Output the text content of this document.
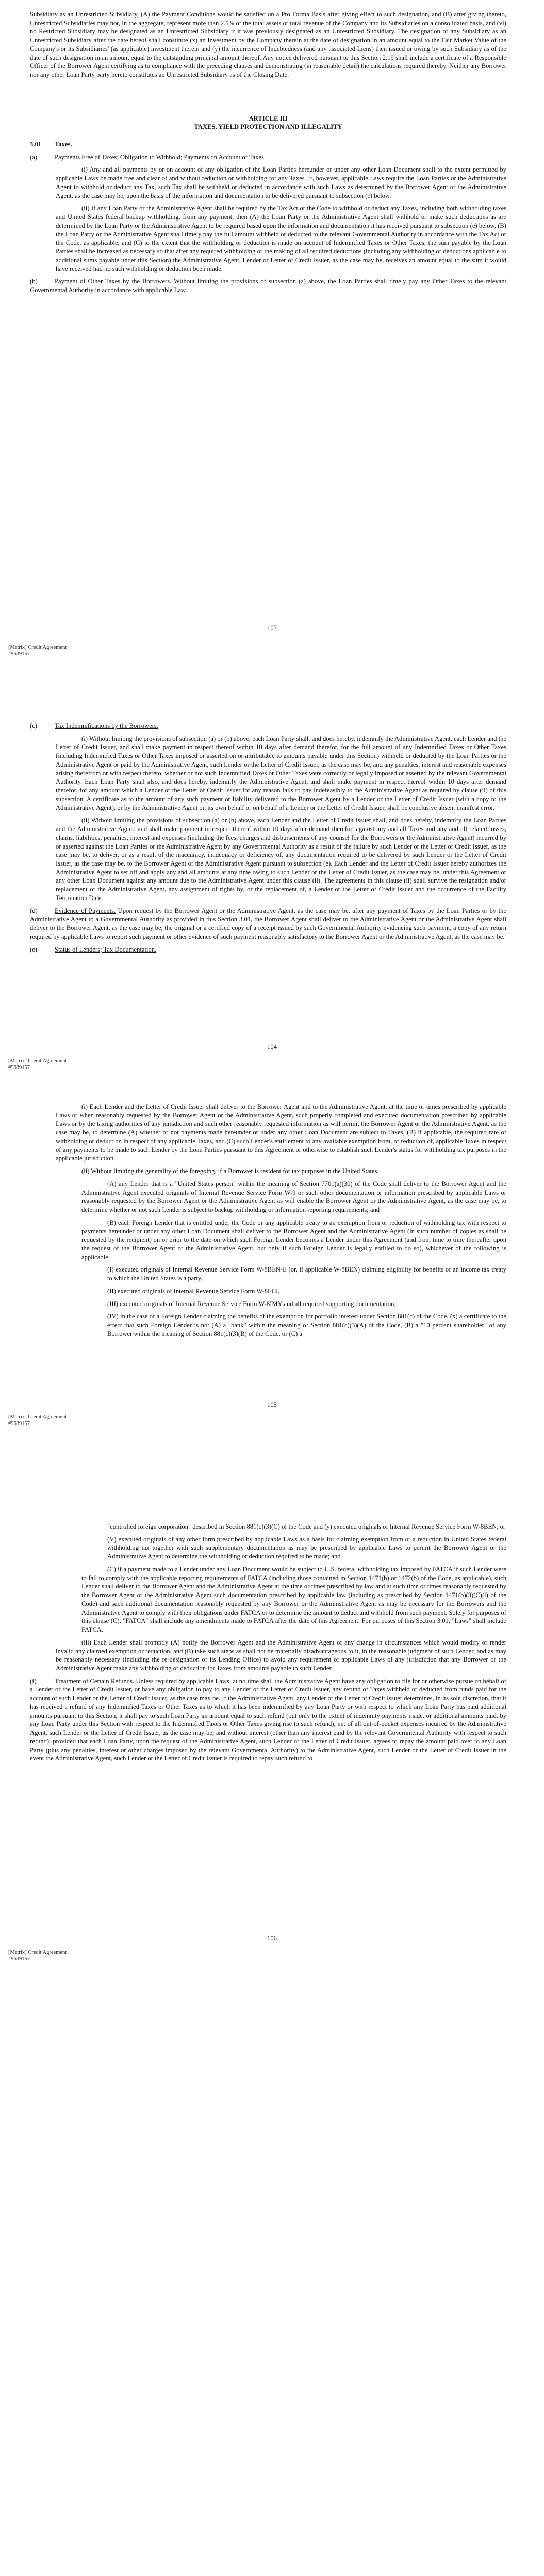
Subsidiary as an Unrestricted Subsidiary, (A) the Payment Conditions would be satisfied on a Pro Forma Basis after giving effect to such designation, and (B) after giving thereto, Unrestricted Subsidiaries may not, in the aggregate, represent more than 2.5% of the total assets or total revenue of the Company and its Subsidiaries on a consolidated basis, and (vi) no Restricted Subsidiary may be designated as an Unrestricted Subsidiary if it was previously designated as an Unrestricted Subsidiary. The designation of any Subsidiary as an Unrestricted Subsidiary after the date hereof shall constitute (x) an Investment by the Company therein at the date of designation in an amount equal to the Fair Market Value of the Company's or its Subsidiaries' (as applicable) investment therein and (y) the incurrence of Indebtedness (and any associated Liens) then issued or owing by such Subsidiary as of the date of such designation in an amount equal to the outstanding principal amount thereof. Any notice delivered pursuant to this Section 2.19 shall include a certificate of a Responsible Officer of the Borrower Agent certifying as to compliance with the preceding clauses and demonstrating (in reasonable detail) the calculations required thereby. Neither any Borrower nor any other Loan Party party hereto constitutes an Unrestricted Subsidiary as of the Closing Date.

ARTICLE III
TAXES, YIELD PROTECTION AND ILLEGALITY

3.01 Taxes.

(a)	Payments Free of Taxes; Obligation to Withhold; Payments on Account of Taxes.

(i) Any and all payments by or on account of any obligation of the Loan Parties hereunder or under any other Loan Document shall to the extent permitted by applicable Laws be made free and clear of and without reduction or withholding for any Taxes. If, however, applicable Laws require the Loan Parties or the Administrative Agent to withhold or deduct any Tax, such Tax shall be withheld or deducted in accordance with such Laws as determined by the Borrower Agent or the Administrative Agent, as the case may be, upon the basis of the information and documentation to be delivered pursuant to subsection (e) below.

(ii) If any Loan Party or the Administrative Agent shall be required by the Tax Act or the Code to withhold or deduct any Taxes, including both withholding taxes and United States federal backup withholding, from any payment, then (A) the Loan Party or the Administrative Agent shall withhold or make such deductions as are determined by the Loan Party or the Administrative Agent to be required based upon the information and documentation it has received pursuant to subsection (e) below, (B) the Loan Party or the Administrative Agent shall timely pay the full amount withheld or deducted to the relevant Governmental Authority in accordance with the Tax Act or the Code, as applicable, and (C) to the extent that the withholding or deduction is made on account of Indemnified Taxes or Other Taxes, the sum payable by the Loan Parties shall be increased as necessary so that after any required withholding or the making of all required deductions (including any withholding or deductions applicable to additional sums payable under this Section) the Administrative Agent, Lender or Letter of Credit Issuer, as the case may be, receives an amount equal to the sum it would have received had no such withholding or deduction been made.

(b)	Payment of Other Taxes by the Borrowers. Without limiting the provisions of subsection (a) above, the Loan Parties shall timely pay any Other Taxes to the relevant Governmental Authority in accordance with applicable Law.

103
[Matrix] Credit Agreement
#9639157

(c)	Tax Indemnifications by the Borrowers.

(i) Without limiting the provisions of subsection (a) or (b) above, each Loan Party shall, and does hereby, indemnify the Administrative Agent, each Lender and the Letter of Credit Issuer, and shall make payment in respect thereof within 10 days after demand therefor, for the full amount of any Indemnified Taxes or Other Taxes (including Indemnified Taxes or Other Taxes imposed or asserted on or attributable to amounts payable under this Section) withheld or deducted by the Loan Parties or the Administrative Agent or paid by the Administrative Agent, such Lender or the Letter of Credit Issuer, as the case may be, and any penalties, interest and reasonable expenses arising therefrom or with respect thereto, whether or not such Indemnified Taxes or Other Taxes were correctly or legally imposed or asserted by the relevant Governmental Authority. Each Loan Party shall also, and does hereby, indemnify the Administrative Agent, and shall make payment in respect thereof within 10 days after demand therefor, for any amount which a Lender or the Letter of Credit Issuer for any reason fails to pay indefeasibly to the Administrative Agent as required by clause (ii) of this subsection. A certificate as to the amount of any such payment or liability delivered to the Borrower Agent by a Lender or the Letter of Credit Issuer (with a copy to the Administrative Agent), or by the Administrative Agent on its own behalf or on behalf of a Lender or the Letter of Credit Issuer, shall be conclusive absent manifest error.

(ii) Without limiting the provisions of subsection (a) or (b) above, each Lender and the Letter of Credit Issuer shall, and does hereby, indemnify the Loan Parties and the Administrative Agent, and shall make payment in respect thereof within 10 days after demand therefor, against any and all Taxes and any and all related losses, claims, liabilities, penalties, interest and expenses (including the fees, charges and disbursements of any counsel for the Borrowers or the Administrative Agent) incurred by or asserted against the Loan Parties or the Administrative Agent by any Governmental Authority as a result of the failure by such Lender or the Letter of Credit Issuer, as the case may be, to deliver, or as a result of the inaccuracy, inadequacy or deficiency of, any documentation required to be delivered by such Lender or the Letter of Credit Issuer, as the case may be, to the Borrower Agent or the Administrative Agent pursuant to subsection (e). Each Lender and the Letter of Credit Issuer hereby authorizes the Administrative Agent to set off and apply any and all amounts at any time owing to such Lender or the Letter of Credit Issuer, as the case may be, under this Agreement or any other Loan Document against any amount due to the Administrative Agent under this clause (ii). The agreements in this clause (ii) shall survive the resignation and/or replacement of the Administrative Agent, any assignment of rights by, or the replacement of, a Lender or the Letter of Credit Issuer and the occurrence of the Facility Termination Date.

(d)	Evidence of Payments. Upon request by the Borrower Agent or the Administrative Agent, as the case may be, after any payment of Taxes by the Loan Parties or by the Administrative Agent to a Governmental Authority as provided in this Section 3.01, the Borrower Agent shall deliver to the Administrative Agent or the Administrative Agent shall deliver to the Borrower Agent, as the case may be, the original or a certified copy of a receipt issued by such Governmental Authority evidencing such payment, a copy of any return required by applicable Laws to report such payment or other evidence of such payment reasonably satisfactory to the Borrower Agent or the Administrative Agent, as the case may be.

(e)	Status of Lenders; Tax Documentation.

104
[Matrix] Credit Agreement
#9639157

(i) Each Lender and the Letter of Credit Issuer shall deliver to the Borrower Agent and to the Administrative Agent, at the time or times prescribed by applicable Laws or when reasonably requested by the Borrower Agent or the Administrative Agent, such properly completed and executed documentation prescribed by applicable Laws or by the taxing authorities of any jurisdiction and such other reasonably requested information as will permit the Borrower Agent or the Administrative Agent, as the case may be, to determine (A) whether or not payments made hereunder or under any other Loan Document are subject to Taxes, (B) if applicable, the required rate of withholding or deduction in respect of any applicable Taxes, and (C) such Lender's entitlement to any available exemption from, or reduction of, applicable Taxes in respect of any payments to be made to such Lender by the Loan Parties pursuant to this Agreement or otherwise to establish such Lender's status for withholding tax purposes in the applicable jurisdiction.

(ii) Without limiting the generality of the foregoing, if a Borrower is resident for tax purposes in the United States,

(A) any Lender that is a "United States person" within the meaning of Section 7701(a)(30) of the Code shall deliver to the Borrower Agent and the Administrative Agent executed originals of Internal Revenue Service Form W-9 or such other documentation or information prescribed by applicable Laws or reasonably requested by the Borrower Agent or the Administrative Agent as will enable the Borrower Agent or the Administrative Agent, as the case may be, to determine whether or not such Lender is subject to backup withholding or information reporting requirements; and

(B) each Foreign Lender that is entitled under the Code or any applicable treaty to an exemption from or reduction of withholding tax with respect to payments hereunder or under any other Loan Document shall deliver to the Borrower Agent and the Administrative Agent (in such number of copies as shall be requested by the recipient) on or prior to the date on which such Foreign Lender becomes a Lender under this Agreement (and from time to time thereafter upon the request of the Borrower Agent or the Administrative Agent, but only if such Foreign Lender is legally entitled to do so), whichever of the following is applicable:

(I) executed originals of Internal Revenue Service Form W-8BEN-E (or, if applicable W-8BEN) claiming eligibility for benefits of an income tax treaty to which the United States is a party,

(II) executed originals of Internal Revenue Service Form W-8ECI,

(III) executed originals of Internal Revenue Service Form W-8IMY and all required supporting documentation,

(IV) in the case of a Foreign Lender claiming the benefits of the exemption for portfolio interest under Section 881(c) of the Code, (x) a certificate to the effect that such Foreign Lender is not (A) a "bank" within the meaning of Section 881(c)(3)(A) of the Code, (B) a "10 percent shareholder" of any Borrower within the meaning of Section 881(c)(3)(B) of the Code, or (C) a

105
[Matrix] Credit Agreement
#9639157

"controlled foreign corporation" described in Section 881(c)(3)(C) of the Code and (y) executed originals of Internal Revenue Service Form W-8BEN, or

(V) executed originals of any other form prescribed by applicable Laws as a basis for claiming exemption from or a reduction in United States federal withholding tax together with such supplementary documentation as may be prescribed by applicable Laws to permit the Borrower Agent or the Administrative Agent to determine the withholding or deduction required to be made; and

(C) if a payment made to a Lender under any Loan Document would be subject to U.S. federal withholding tax imposed by FATCA if such Lender were to fail to comply with the applicable reporting requirements of FATCA (including those contained in Section 1471(b) or 1472(b) of the Code, as applicable), such Lender shall deliver to the Borrower Agent and the Administrative Agent at the time or times prescribed by law and at such time or times reasonably requested by the Borrower Agent or the Administrative Agent such documentation prescribed by applicable law (including as prescribed by Section 1471(b)(3)(C)(i) of the Code) and such additional documentation reasonably requested by any Borrower or the Administrative Agent as may be necessary for the Borrowers and the Administrative Agent to comply with their obligations under FATCA or to determine the amount to deduct and withhold from such payment. Solely for purposes of this clause (C), "FATCA" shall include any amendments made to FATCA after the date of this Agreement. For purposes of this Section 3.01, "Laws" shall include FATCA.

(iii) Each Lender shall promptly (A) notify the Borrower Agent and the Administrative Agent of any change in circumstances which would modify or render invalid any claimed exemption or reduction, and (B) take such steps as shall not be materially disadvantageous to it, in the reasonable judgment of such Lender, and as may be reasonably necessary (including the re-designation of its Lending Office) to avoid any requirement of applicable Laws of any jurisdiction that any Borrower or the Administrative Agent make any withholding or deduction for Taxes from amounts payable to such Lender.

(f)	Treatment of Certain Refunds. Unless required by applicable Laws, at no time shall the Administrative Agent have any obligation to file for or otherwise pursue on behalf of a Lender or the Letter of Credit Issuer, or have any obligation to pay to any Lender or the Letter of Credit Issuer, any refund of Taxes withheld or deducted from funds paid for the account of such Lender or the Letter of Credit Issuer, as the case may be. If the Administrative Agent, any Lender or the Letter of Credit Issuer determines, in its sole discretion, that it has received a refund of any Indemnified Taxes or Other Taxes as to which it has been indemnified by any Loan Party or with respect to which any Loan Party has paid additional amounts pursuant to this Section, it shall pay to such Loan Party an amount equal to such refund (but only to the extent of indemnity payments made, or additional amounts paid, by any Loan Party under this Section with respect to the Indemnified Taxes or Other Taxes giving rise to such refund), net of all out-of-pocket expenses incurred by the Administrative Agent, such Lender or the Letter of Credit Issuer, as the case may be, and without interest (other than any interest paid by the relevant Governmental Authority with respect to such refund), provided that each Loan Party, upon the request of the Administrative Agent, such Lender or the Letter of Credit Issuer, agrees to repay the amount paid over to any Loan Party (plus any penalties, interest or other charges imposed by the relevant Governmental Authority) to the Administrative Agent, such Lender or the Letter of Credit Issuer in the event the Administrative Agent, such Lender or the Letter of Credit Issuer is required to repay such refund to

106
[Matrix] Credit Agreement
#9639157
